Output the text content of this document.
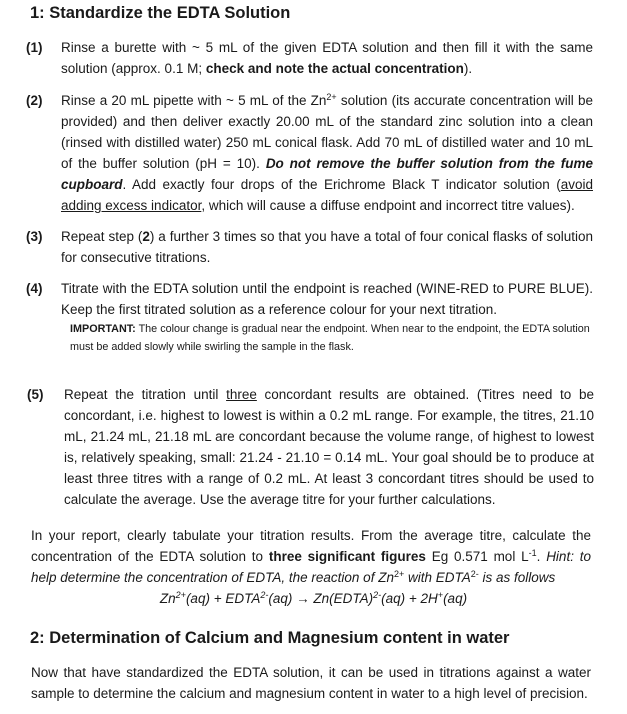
1: Standardize the EDTA Solution
(1) Rinse a burette with ~ 5 mL of the given EDTA solution and then fill it with the same solution (approx. 0.1 M; check and note the actual concentration).
(2) Rinse a 20 mL pipette with ~ 5 mL of the $Zn^{2+}$ solution (its accurate concentration will be provided) and then deliver exactly 20.00 mL of the standard zinc solution into a clean (rinsed with distilled water) 250 mL conical flask. Add 70 mL of distilled water and 10 mL of the buffer solution (pH = 10). Do not remove the buffer solution from the fume cupboard. Add exactly four drops of the Erichrome Black T indicator solution (avoid adding excess indicator, which will cause a diffuse endpoint and incorrect titre values).
(3) Repeat step (2) a further 3 times so that you have a total of four conical flasks of solution for consecutive titrations.
(4) Titrate with the EDTA solution until the endpoint is reached (WINE-RED to PURE BLUE). Keep the first titrated solution as a reference colour for your next titration.
IMPORTANT: The colour change is gradual near the endpoint. When near to the endpoint, the EDTA solution must be added slowly while swirling the sample in the flask.
(5) Repeat the titration until three concordant results are obtained. (Titres need to be concordant, i.e. highest to lowest is within a 0.2 mL range. For example, the titres, 21.10 mL, 21.24 mL, 21.18 mL are concordant because the volume range, of highest to lowest is, relatively speaking, small: 21.24 - 21.10 = 0.14 mL. Your goal should be to produce at least three titres with a range of 0.2 mL. At least 3 concordant titres should be used to calculate the average. Use the average titre for your further calculations.
In your report, clearly tabulate your titration results. From the average titre, calculate the concentration of the EDTA solution to three significant figures Eg 0.571 mol $L^{-1}$. Hint: to help determine the concentration of EDTA, the reaction of $Zn^{2+}$ with $EDTA^{2-}$ is as follows
$Zn^{2+}(aq)$ + $EDTA^{2-}(aq)$ → Zn(EDTA)$^{2-}$(aq) + 2H+(aq)
2: Determination of Calcium and Magnesium content in water
Now that have standardized the EDTA solution, it can be used in titrations against a water sample to determine the calcium and magnesium content in water to a high level of precision.
